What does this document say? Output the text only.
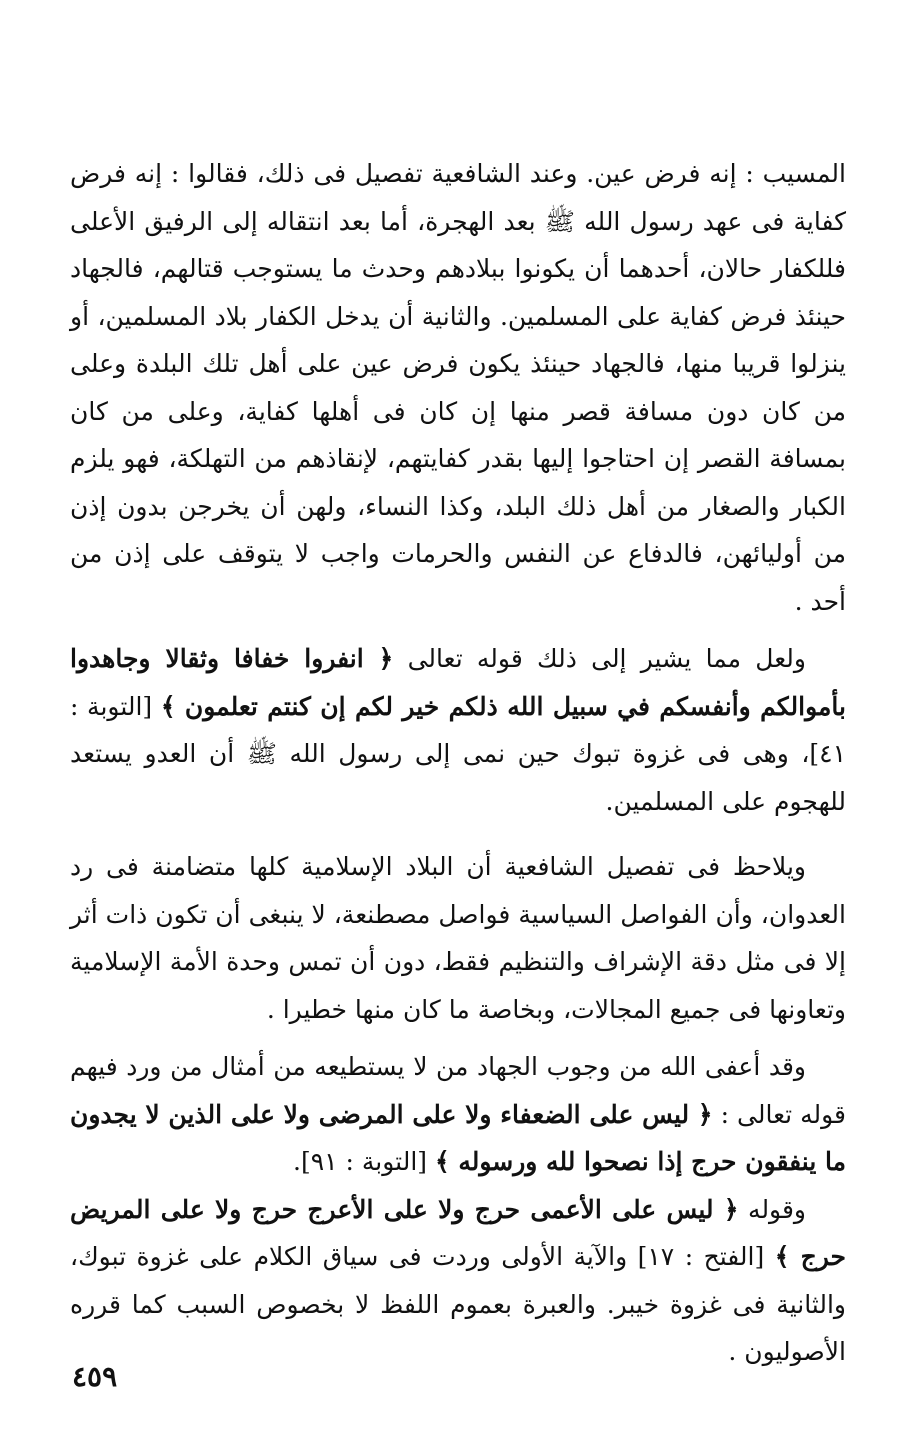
المسيب : إنه فرض عين. وعند الشافعية تفصيل فى ذلك، فقالوا : إنه فرض كفاية فى عهد رسول الله ﷺ بعد الهجرة، أما بعد انتقاله إلى الرفيق الأعلى فللكفار حالان، أحدهما أن يكونوا ببلادهم وحدث ما يستوجب قتالهم، فالجهاد حينئذ فرض كفاية على المسلمين. والثانية أن يدخل الكفار بلاد المسلمين، أو ينزلوا قريبا منها، فالجهاد حينئذ يكون فرض عين على أهل تلك البلدة وعلى من كان دون مسافة قصر منها إن كان فى أهلها كفاية، وعلى من كان بمسافة القصر إن احتاجوا إليها بقدر كفايتهم، لإنقاذهم من التهلكة، فهو يلزم الكبار والصغار من أهل ذلك البلد، وكذا النساء، ولهن أن يخرجن بدون إذن من أوليائهن، فالدفاع عن النفس والحرمات واجب لا يتوقف على إذن من أحد .

ولعل مما يشير إلى ذلك قوله تعالى ﴿ انفروا خفافا وثقالا وجاهدوا بأموالكم وأنفسكم في سبيل الله ذلكم خير لكم إن كنتم تعلمون ﴾ [التوبة : ٤١]، وهى فى غزوة تبوك حين نمى إلى رسول الله ﷺ أن العدو يستعد للهجوم على المسلمين.

ويلاحظ فى تفصيل الشافعية أن البلاد الإسلامية كلها متضامنة فى رد العدوان، وأن الفواصل السياسية فواصل مصطنعة، لا ينبغى أن تكون ذات أثر إلا فى مثل دقة الإشراف والتنظيم فقط، دون أن تمس وحدة الأمة الإسلامية وتعاونها فى جميع المجالات، وبخاصة ما كان منها خطيرا .

وقد أعفى الله من وجوب الجهاد من لا يستطيعه من أمثال من ورد فيهم قوله تعالى : ﴿ ليس على الضعفاء ولا على المرضى ولا على الذين لا يجدون ما ينفقون حرج إذا نصحوا لله ورسوله ﴾ [التوبة : ٩١].

وقوله ﴿ ليس على الأعمى حرج ولا على الأعرج حرج ولا على المريض حرج ﴾ [الفتح : ١٧] والآية الأولى وردت فى سياق الكلام على غزوة تبوك، والثانية فى غزوة خيبر. والعبرة بعموم اللفظ لا بخصوص السبب كما قرره الأصوليون .

٤٥٩
